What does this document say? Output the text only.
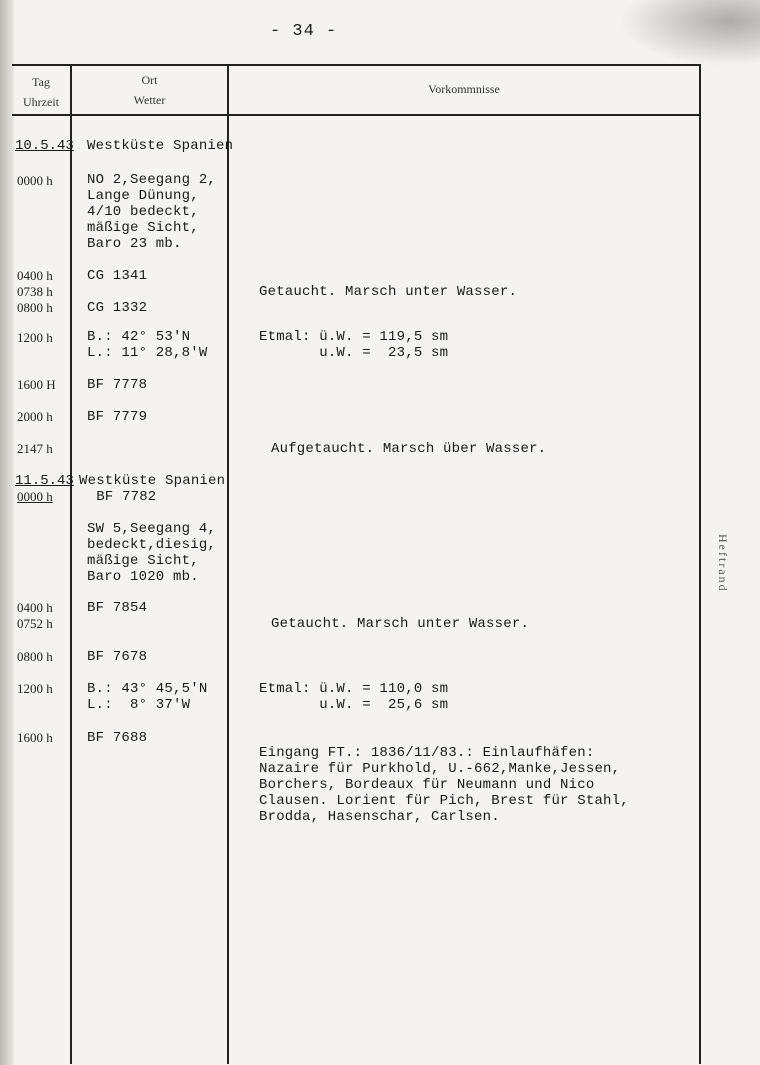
- 34 -
Tag
Uhrzeit
Ort
Wetter
Vorkommnisse
Heftrand
10.5.43 Westküste Spanien
0000 h NO 2,Seegang 2,
Lange Dünung,
4/10 bedeckt,
mäßige Sicht,
Baro 23 mb.
0400 h
0738 h
0800 h
CG 1341

CG 1332
Getaucht. Marsch unter Wasser.
1200 h B.: 42° 53'N
L.: 11° 28,8'W
Etmal: ü.W. = 119,5 sm
u.W. =  23,5 sm
1600 H BF 7778
2000 h BF 7779
2147 h	Aufgetaucht. Marsch über Wasser.
11.5.43
0000 h
Westküste Spanien
BF 7782
SW 5,Seegang 4,
bedeckt,diesig,
mäßige Sicht,
Baro 1020 mb.
0400 h
0752 h
BF 7854
Getaucht. Marsch unter Wasser.
0800 h BF 7678
1200 h B.: 43° 45,5'N
L.:  8° 37'W
Etmal: ü.W. = 110,0 sm
u.W. =  25,6 sm
1600 h BF 7688
Eingang FT.: 1836/11/83.: Einlaufhäfen:
Nazaire für Purkhold, U.-662,Manke,Jessen,
Borchers, Bordeaux für Neumann und Nico
Clausen. Lorient für Pich, Brest für Stahl,
Brodda, Hasenschar, Carlsen.
